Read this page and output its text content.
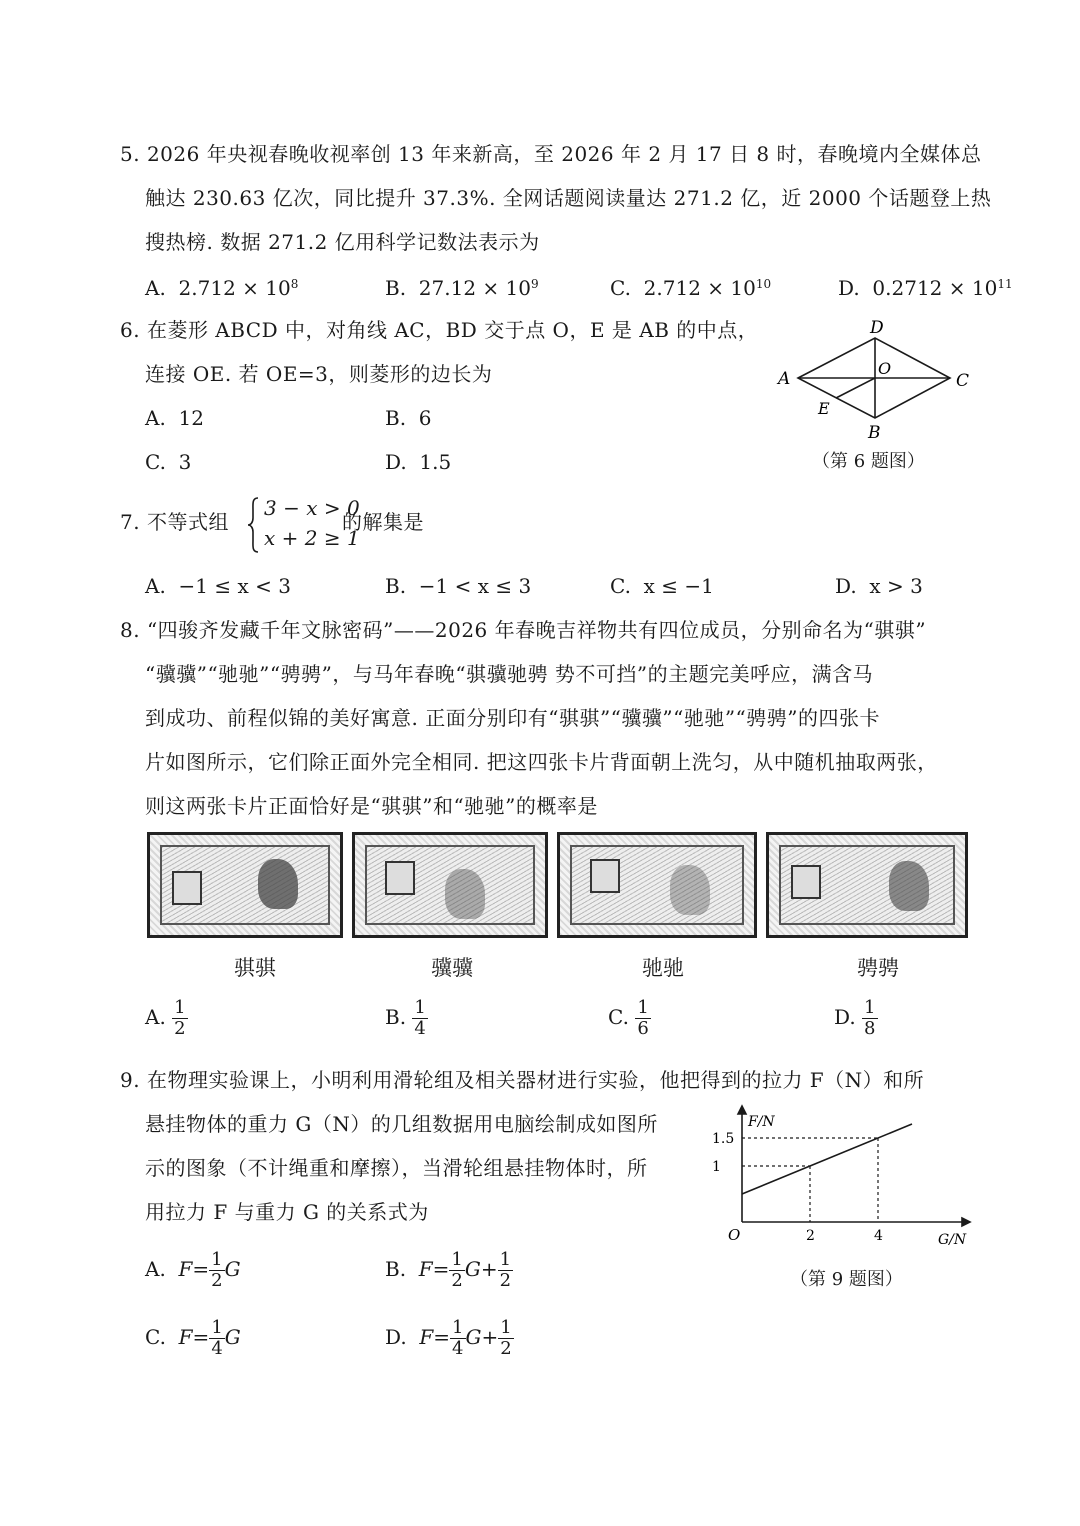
5. 2026 年央视春晚收视率创 13 年来新高，至 2026 年 2 月 17 日 8 时，春晚境内全媒体总
触达 230.63 亿次，同比提升 37.3%. 全网话题阅读量达 271.2 亿，近 2000 个话题登上热
搜热榜. 数据 271.2 亿用科学记数法表示为
A. $2.712 \times 10^8$	B. $27.12 \times 10^9$	C. $2.712 \times 10^{10}$	D. $0.2712 \times 10^{11}$
6. 在菱形 ABCD 中，对角线 AC，BD 交于点 O，E 是 AB 的中点，
连接 OE. 若 OE=3，则菱形的边长为
A. 12	B. 6
C. 3	D. 1.5
A
D
C
B
O
E
（第 6 题图）
7. 不等式组
3 − x > 0
x + 2 ≥ 1
的解集是
A. −1 ≤ x < 3	B. −1 < x ≤ 3	C. x ≤ −1	D. x > 3
8. “四骏齐发藏千年文脉密码”——2026 年春晚吉祥物共有四位成员，分别命名为“骐骐”
“骥骥”“驰驰”“骋骋”，与马年春晚“骐骥驰骋 势不可挡”的主题完美呼应，满含马
到成功、前程似锦的美好寓意. 正面分别印有“骐骐”“骥骥”“驰驰”“骋骋”的四张卡
片如图所示，它们除正面外完全相同. 把这四张卡片背面朝上洗匀，从中随机抽取两张，
则这两张卡片正面恰好是“骐骐”和“驰驰”的概率是
骐骐	骥骥	驰驰	骋骋
A. $\frac{1}{2}$	B. $\frac{1}{4}$	C. $\frac{1}{6}$	D. $\frac{1}{8}$
9. 在物理实验课上，小明利用滑轮组及相关器材进行实验，他把得到的拉力 F（N）和所
悬挂物体的重力 G（N）的几组数据用电脑绘制成如图所
示的图象（不计绳重和摩擦），当滑轮组悬挂物体时，所
用拉力 F 与重力 G 的关系式为
A. $F= \frac{1}{2}$ G	B. $F= \frac{1}{2} G+ \frac{1}{2}$
C. $F= \frac{1}{4}$ G	D. $F= \frac{1}{4} G+ \frac{1}{2}$
1.5
1
2	4
F/N
G/N
O
（第 9 题图）
